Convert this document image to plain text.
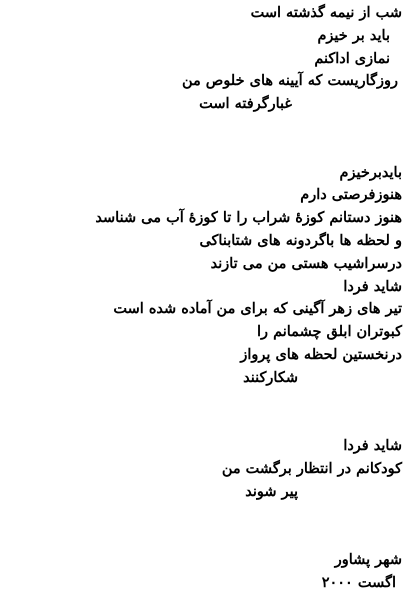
شب از نیمه گذشته است
باید بر خیزم
نمازی اداکنم
روزگاریست که آیینه های خلوص من
غبارگرفته است
بایدبرخیزم
هنوزفرصتی دارم
هنوز دستانم کوزۀ شراب را تا کوزۀ آب می شناسد
و لحظه ها باگردونه های شتابناکی
درسراشیب هستی من می تازند
شاید فردا
تیر های زهر آگینی که برای من آماده شده است
کبوتران ابلق چشمانم را
درنخستین لحظه های پرواز
شکارکنند
شاید فردا
کودکانم در انتظار برگشت من
پیر شوند
شهر پشاور
اگست ۲۰۰۰
